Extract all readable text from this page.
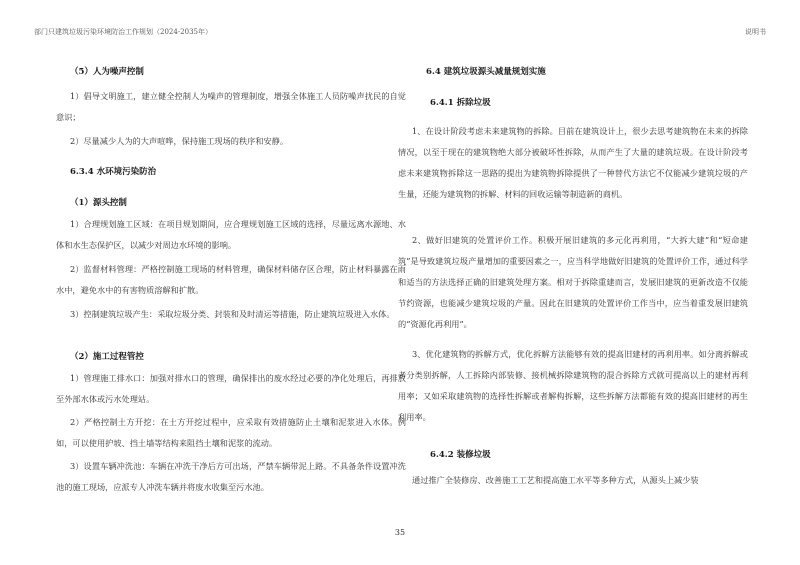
部门只建筑垃圾污染环境防治工作规划（2024-2035年）	说明书
（5）人为噪声控制
1）倡导文明施工，建立健全控制人为噪声的管理制度，增强全体施工人员防噪声扰民的自觉意识；
2）尽量减少人为的大声喧哗，保持施工现场的秩序和安静。
6.3.4 水环境污染防治
（1）源头控制
1）合理规划施工区域：在项目规划期间，应合理规划施工区域的选择，尽量远离水源地、水体和水生态保护区，以减少对周边水环境的影响。
2）监督材料管理：严格控制施工现场的材料管理，确保材料储存区合理，防止材料暴露在雨水中，避免水中的有害物质溶解和扩散。
3）控制建筑垃圾产生：采取垃圾分类、封装和及时清运等措施，防止建筑垃圾进入水体。
（2）施工过程管控
1）管理施工排水口：加强对排水口的管理，确保排出的废水经过必要的净化处理后，再排放至外部水体或污水处理站。
2）严格控制土方开挖：在土方开挖过程中，应采取有效措施防止土壤和泥浆进入水体。例如，可以使用护坡、挡土墙等结构来阻挡土壤和泥浆的流动。
3）设置车辆冲洗池：车辆在冲洗干净后方可出场，严禁车辆带泥上路。不具备条件设置冲洗池的施工现场，应派专人冲洗车辆并将废水收集至污水池。
6.4 建筑垃圾源头减量规划实施
6.4.1 拆除垃圾
1、在设计阶段考虑未来建筑物的拆除。目前在建筑设计上，很少去思考建筑物在未来的拆除情况，以至于现在的建筑物绝大部分被破坏性拆除，从而产生了大量的建筑垃圾。在设计阶段考虑未来建筑物拆除这一思路的提出为建筑物拆除提供了一种替代方法它不仅能减少建筑垃圾的产生量，还能为建筑物的拆解、材料的回收运输等制造新的商机。
2、做好旧建筑的处置评价工作。积极开展旧建筑的多元化再利用，“大拆大建”和“短命建筑”是导致建筑垃圾产量增加的重要因素之一，应当科学地做好旧建筑的处置评价工作，通过科学和适当的方法选择正确的旧建筑处理方案。相对于拆除重建而言，发展旧建筑的更新改造不仅能节约资源，也能减少建筑垃圾的产量。因此在旧建筑的处置评价工作当中，应当着重发展旧建筑的“资源化再利用”。
3、优化建筑物的拆解方式，优化拆解方法能够有效的提高旧建材的再利用率。如分离拆解或者分类别拆解，人工拆除内部装修、接机械拆除建筑物的混合拆除方式就可提高以上的建材再利用率；又如采取建筑物的选择性拆解或者解构拆解，这些拆解方法都能有效的提高旧建材的再生利用率。
6.4.2 装修垃圾
通过推广全装修房、改善施工工艺和提高施工水平等多种方式，从源头上减少装
35
